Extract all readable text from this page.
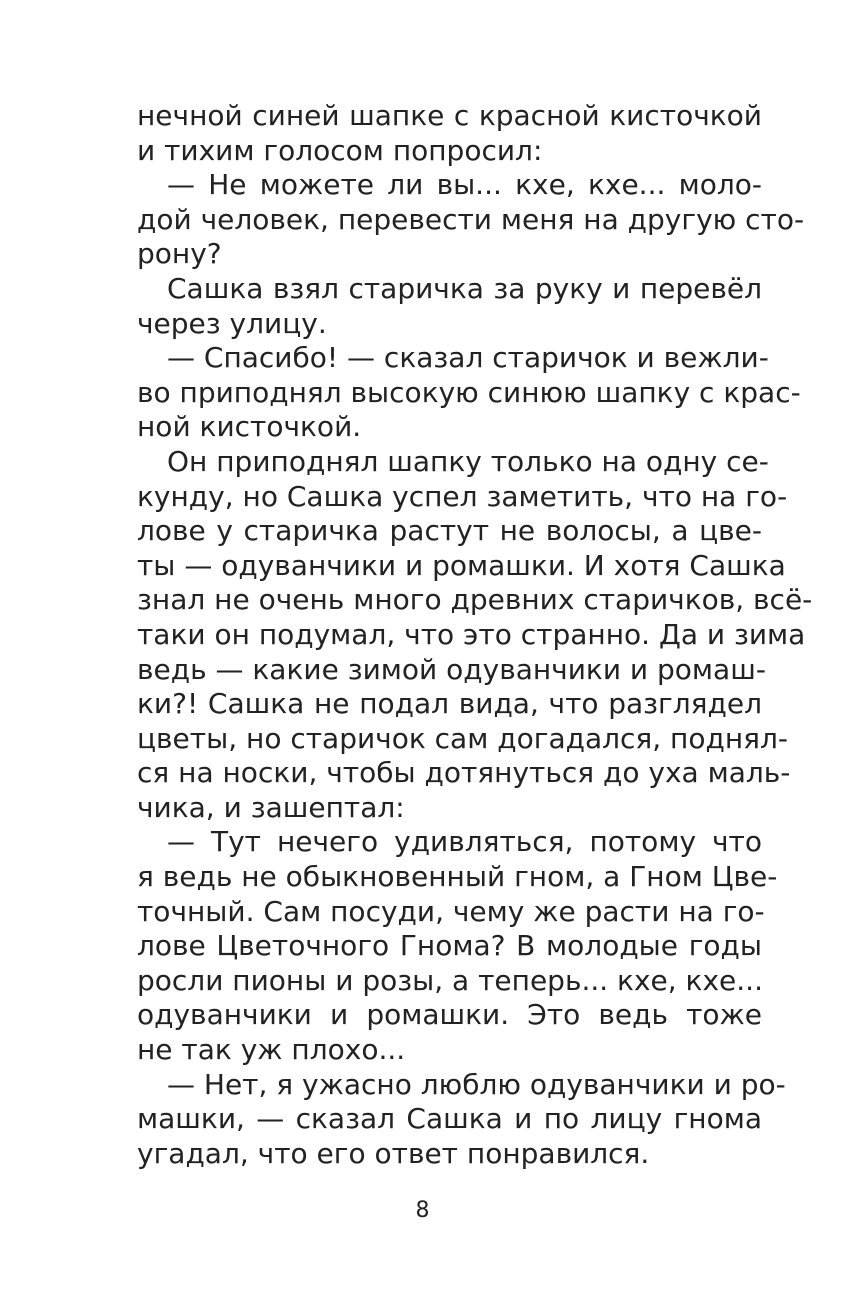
нечной синей шапке с красной кисточкой
и тихим голосом попросил:
— Не можете ли вы... кхе, кхе... моло-
дой человек, перевести меня на другую сто-
рону?
Сашка взял старичка за руку и перевёл
через улицу.
— Спасибо! — сказал старичок и вежли-
во приподнял высокую синюю шапку с крас-
ной кисточкой.
Он приподнял шапку только на одну се-
кунду, но Сашка успел заметить, что на го-
лове у старичка растут не волосы, а цве-
ты — одуванчики и ромашки. И хотя Сашка
знал не очень много древних старичков, всё-
таки он подумал, что это странно. Да и зима
ведь — какие зимой одуванчики и ромаш-
ки?! Сашка не подал вида, что разглядел
цветы, но старичок сам догадался, поднял-
ся на носки, чтобы дотянуться до уха маль-
чика, и зашептал:
— Тут нечего удивляться, потому что
я ведь не обыкновенный гном, а Гном Цве-
точный. Сам посуди, чему же расти на го-
лове Цветочного Гнома? В молодые годы
росли пионы и розы, а теперь... кхе, кхе...
одуванчики и ромашки. Это ведь тоже
не так уж плохо...
— Нет, я ужасно люблю одуванчики и ро-
машки, — сказал Сашка и по лицу гнома
угадал, что его ответ понравился.
8
